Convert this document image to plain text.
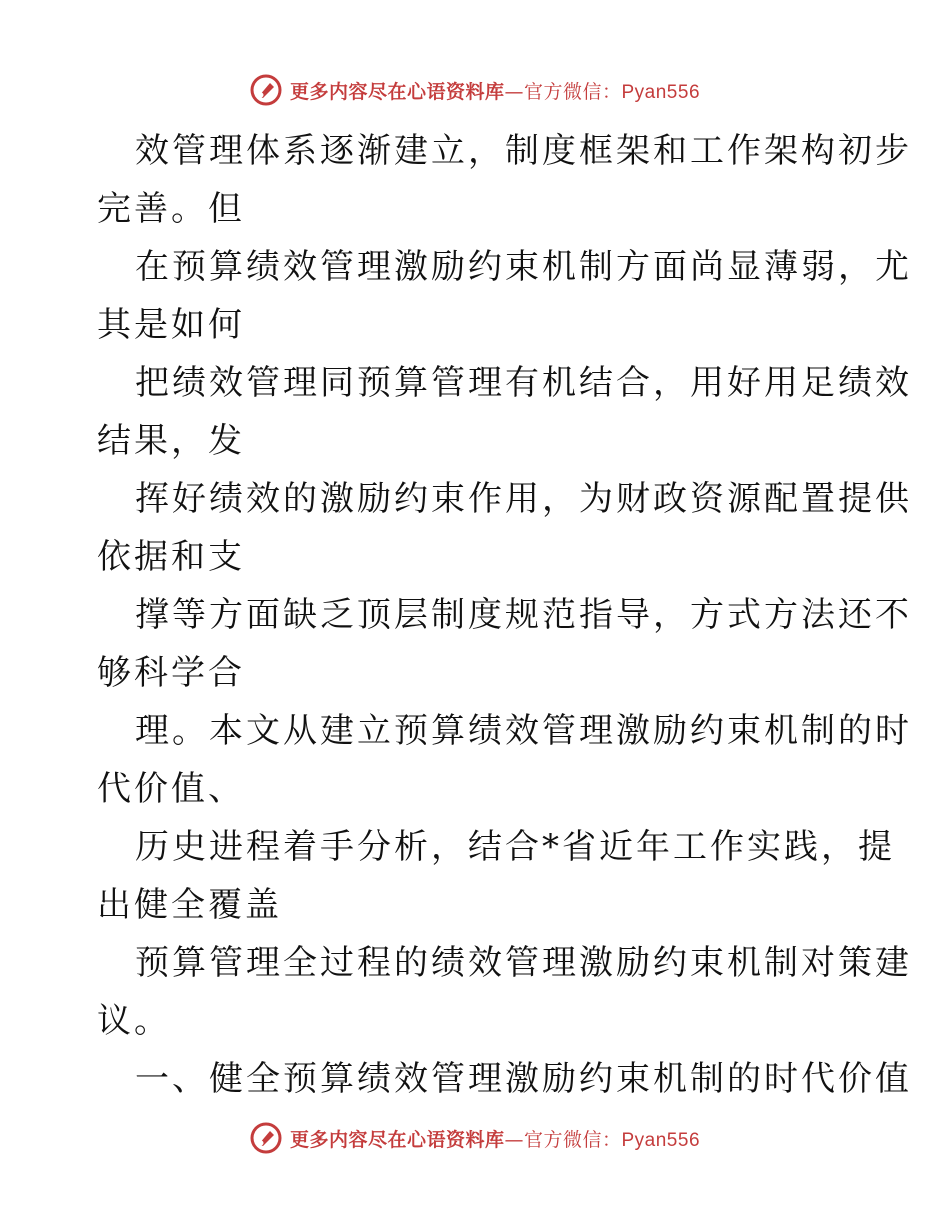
更多内容尽在心语资料库—官方微信：Pyan556
效管理体系逐渐建立，制度框架和工作架构初步
完善。但
在预算绩效管理激励约束机制方面尚显薄弱，尤
其是如何
把绩效管理同预算管理有机结合，用好用足绩效
结果，发
挥好绩效的激励约束作用，为财政资源配置提供
依据和支
撑等方面缺乏顶层制度规范指导，方式方法还不
够科学合
理。本文从建立预算绩效管理激励约束机制的时
代价值、
历史进程着手分析，结合*省近年工作实践，提
出健全覆盖
预算管理全过程的绩效管理激励约束机制对策建
议。
一、健全预算绩效管理激励约束机制的时代价值
更多内容尽在心语资料库—官方微信：Pyan556
